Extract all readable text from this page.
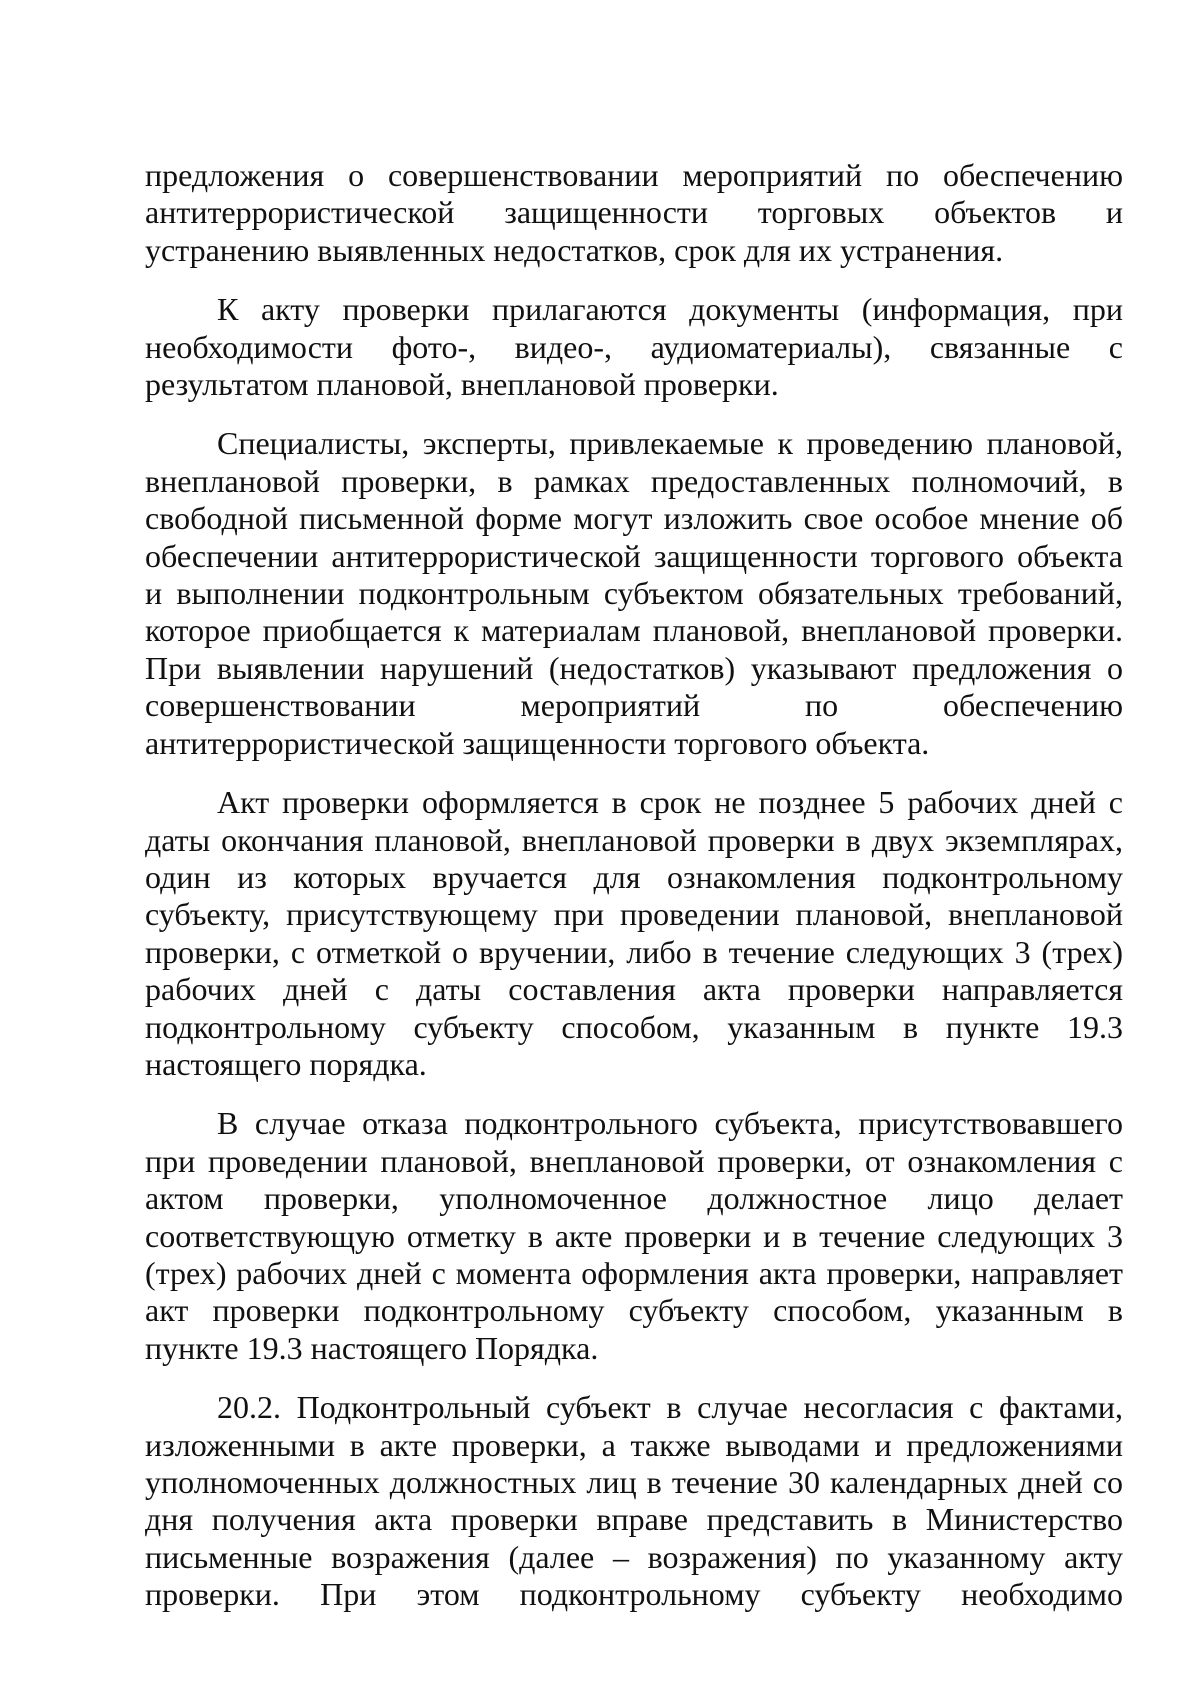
предложения о совершенствовании мероприятий по обеспечению антитеррористической защищенности торговых объектов и устранению выявленных недостатков, срок для их устранения.

К акту проверки прилагаются документы (информация, при необходимости фото-, видео-, аудиоматериалы), связанные с результатом плановой, внеплановой проверки.

Специалисты, эксперты, привлекаемые к проведению плановой, внеплановой проверки, в рамках предоставленных полномочий, в свободной письменной форме могут изложить свое особое мнение об обеспечении антитеррористической защищенности торгового объекта и выполнении подконтрольным субъектом обязательных требований, которое приобщается к материалам плановой, внеплановой проверки. При выявлении нарушений (недостатков) указывают предложения о совершенствовании мероприятий по обеспечению антитеррористической защищенности торгового объекта.

Акт проверки оформляется в срок не позднее 5 рабочих дней с даты окончания плановой, внеплановой проверки в двух экземплярах, один из которых вручается для ознакомления подконтрольному субъекту, присутствующему при проведении плановой, внеплановой проверки, с отметкой о вручении, либо в течение следующих 3 (трех) рабочих дней с даты составления акта проверки направляется подконтрольному субъекту способом, указанным в пункте 19.3 настоящего порядка.

В случае отказа подконтрольного субъекта, присутствовавшего при проведении плановой, внеплановой проверки, от ознакомления с актом проверки, уполномоченное должностное лицо делает соответствующую отметку в акте проверки и в течение следующих 3 (трех) рабочих дней с момента оформления акта проверки, направляет акт проверки подконтрольному субъекту способом, указанным в пункте 19.3 настоящего Порядка.

20.2. Подконтрольный субъект в случае несогласия с фактами, изложенными в акте проверки, а также выводами и предложениями уполномоченных должностных лиц в течение 30 календарных дней со дня получения акта проверки вправе представить в Министерство письменные возражения (далее – возражения) по указанному акту проверки. При этом подконтрольному субъекту необходимо
